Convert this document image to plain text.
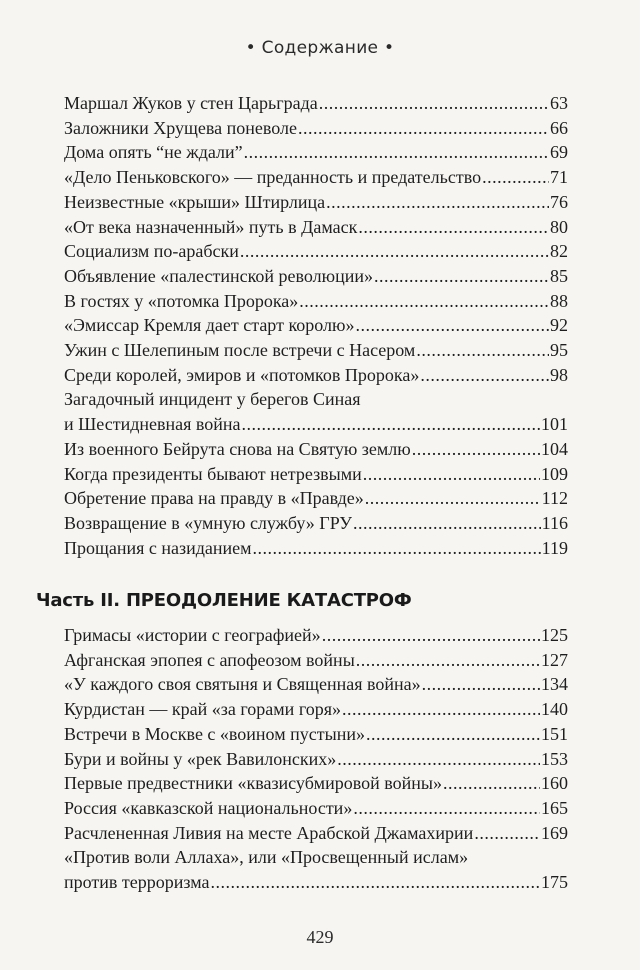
• Содержание •
Маршал Жуков у стен Царьграда .....	63
Заложники Хрущева поневоле .....	66
Дома опять “не ждали” .....	69
«Дело Пеньковского» — преданность и предательство .....	71
Неизвестные «крыши» Штирлица .....	76
«От века назначенный» путь в Дамаск .....	80
Социализм по-арабски .....	82
Объявление «палестинской революции» .....	85
В гостях у «потомка Пророка» .....	88
«Эмиссар Кремля дает старт королю» .....	92
Ужин с Шелепиным после встречи с Насером .....	95
Среди королей, эмиров и «потомков Пророка» .....	98
Загадочный инцидент у берегов Синая
и Шестидневная война .....	101
Из военного Бейрута снова на Святую землю .....	104
Когда президенты бывают нетрезвыми .....	109
Обретение права на правду в «Правде» .....	112
Возвращение в «умную службу» ГРУ .....	116
Прощания с назиданием .....	119
Часть II. ПРЕОДОЛЕНИЕ КАТАСТРОФ
Гримасы «истории с географией» .....	125
Афганская эпопея с апофеозом войны .....	127
«У каждого своя святыня и Священная война» .....	134
Курдистан — край «за горами горя» .....	140
Встречи в Москве с «воином пустыни» .....	151
Бури и войны у «рек Вавилонских» .....	153
Первые предвестники «квазисубмировой войны» .....	160
Россия «кавказской национальности» .....	165
Расчлененная Ливия на месте Арабской Джамахирии .....	169
«Против воли Аллаха», или «Просвещенный ислам»
против терроризма .....	175
429
